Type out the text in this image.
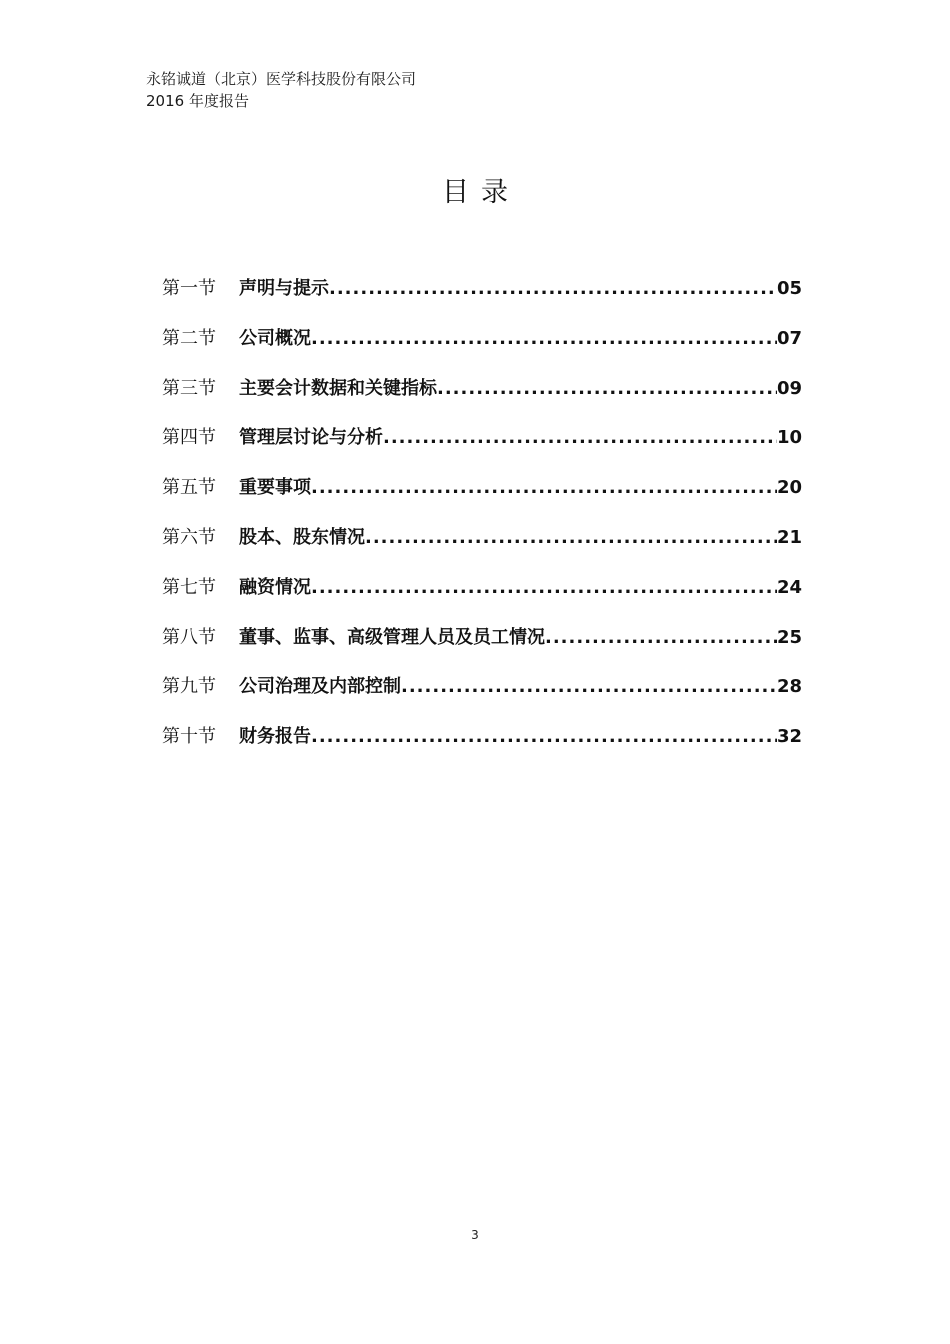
永铭诚道（北京）医学科技股份有限公司
2016 年度报告
目录
第一节	声明与提示 .....	05
第二节	公司概况 .....	07
第三节	主要会计数据和关键指标 .....	09
第四节	管理层讨论与分析 .....	10
第五节	重要事项 .....	20
第六节	股本、股东情况 .....	21
第七节	融资情况 .....	24
第八节	董事、监事、高级管理人员及员工情况 .....	25
第九节	公司治理及内部控制 .....	28
第十节	财务报告 .....	32
3
